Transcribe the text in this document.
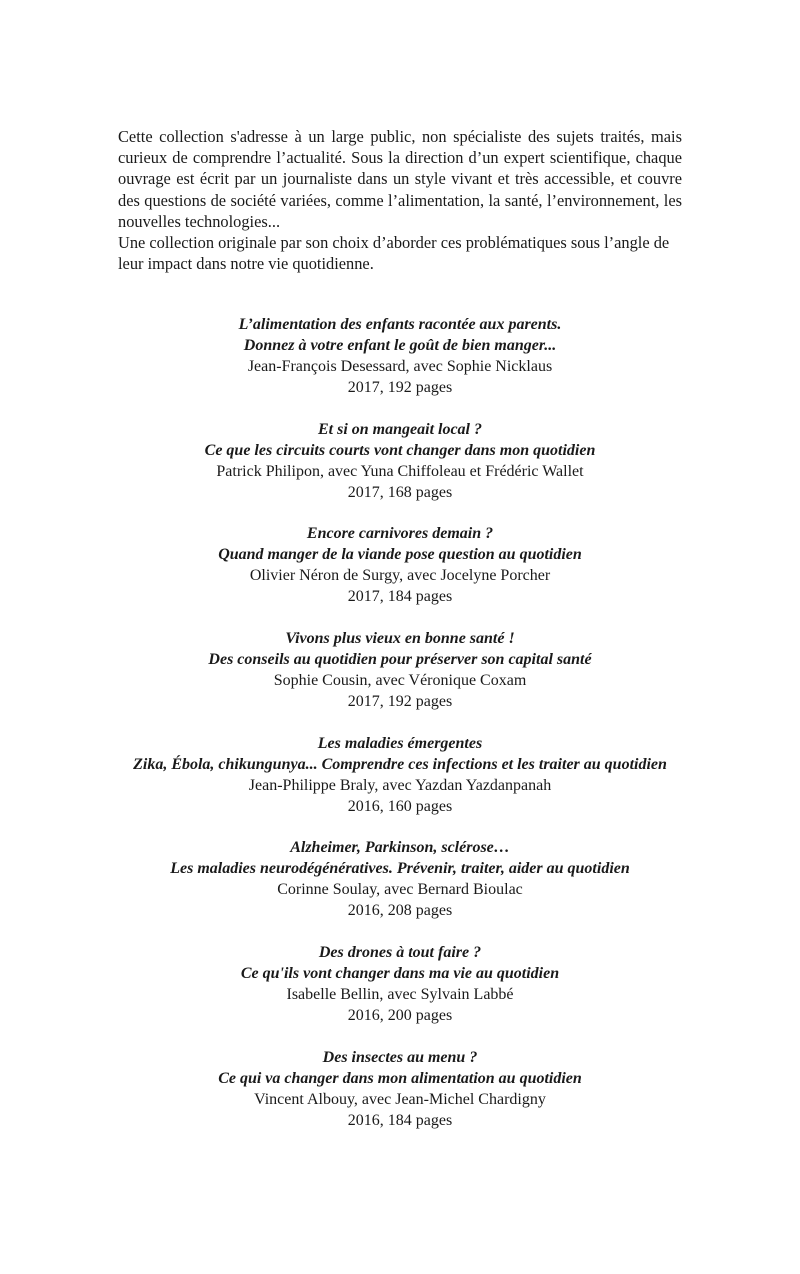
Cette collection s'adresse à un large public, non spécialiste des sujets traités, mais curieux de comprendre l’actualité. Sous la direction d’un expert scientifique, chaque ouvrage est écrit par un journaliste dans un style vivant et très accessible, et couvre des questions de société variées, comme l’alimentation, la santé, l’environnement, les nouvelles technologies...

Une collection originale par son choix d’aborder ces problématiques sous l’angle de leur impact dans notre vie quotidienne.

L’alimentation des enfants racontée aux parents.
Donnez à votre enfant le goût de bien manger...
Jean-François Desessard, avec Sophie Nicklaus
2017, 192 pages
Et si on mangeait local ?
Ce que les circuits courts vont changer dans mon quotidien
Patrick Philipon, avec Yuna Chiffoleau et Frédéric Wallet
2017, 168 pages
Encore carnivores demain ?
Quand manger de la viande pose question au quotidien
Olivier Néron de Surgy, avec Jocelyne Porcher
2017, 184 pages
Vivons plus vieux en bonne santé !
Des conseils au quotidien pour préserver son capital santé
Sophie Cousin, avec Véronique Coxam
2017, 192 pages
Les maladies émergentes
Zika, Ébola, chikungunya... Comprendre ces infections et les traiter au quotidien
Jean-Philippe Braly, avec Yazdan Yazdanpanah
2016, 160 pages
Alzheimer, Parkinson, sclérose…
Les maladies neurodégénératives. Prévenir, traiter, aider au quotidien
Corinne Soulay, avec Bernard Bioulac
2016, 208 pages
Des drones à tout faire ?
Ce qu'ils vont changer dans ma vie au quotidien
Isabelle Bellin, avec Sylvain Labbé
2016, 200 pages
Des insectes au menu ?
Ce qui va changer dans mon alimentation au quotidien
Vincent Albouy, avec Jean-Michel Chardigny
2016, 184 pages
